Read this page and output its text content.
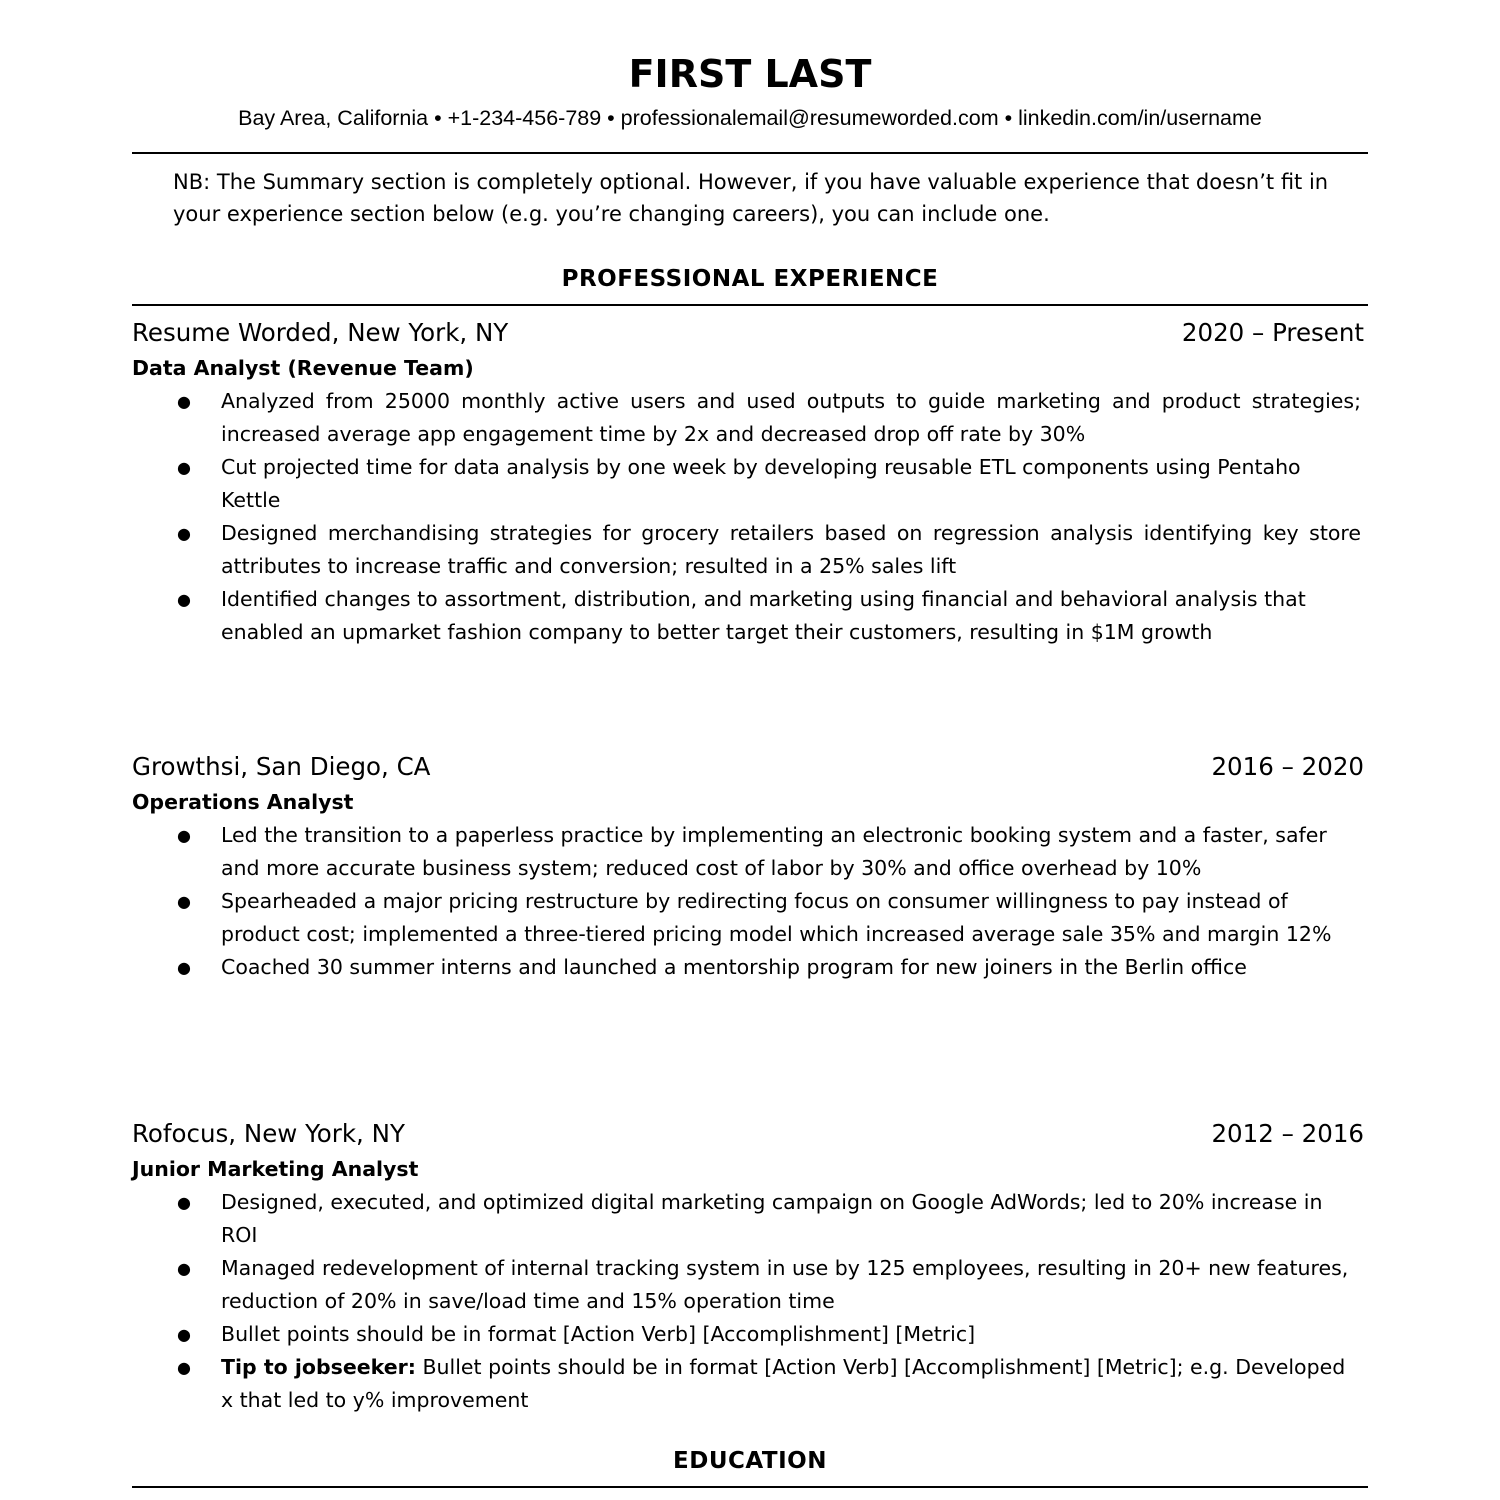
FIRST LAST
Bay Area, California • +1-234-456-789 • professionalemail@resumeworded.com • linkedin.com/in/username
NB: The Summary section is completely optional. However, if you have valuable experience that doesn’t fit in your experience section below (e.g. you’re changing careers), you can include one.
PROFESSIONAL EXPERIENCE
Resume Worded, New York, NY	2020 – Present
Data Analyst (Revenue Team)
● Analyzed from 25000 monthly active users and used outputs to guide marketing and product strategies; increased average app engagement time by 2x and decreased drop off rate by 30%
● Cut projected time for data analysis by one week by developing reusable ETL components using Pentaho Kettle
● Designed merchandising strategies for grocery retailers based on regression analysis identifying key store attributes to increase traffic and conversion; resulted in a 25% sales lift
● Identified changes to assortment, distribution, and marketing using financial and behavioral analysis that enabled an upmarket fashion company to better target their customers, resulting in $1M growth
Growthsi, San Diego, CA	2016 – 2020
Operations Analyst
● Led the transition to a paperless practice by implementing an electronic booking system and a faster, safer and more accurate business system; reduced cost of labor by 30% and office overhead by 10%
● Spearheaded a major pricing restructure by redirecting focus on consumer willingness to pay instead of product cost; implemented a three-tiered pricing model which increased average sale 35% and margin 12%
● Coached 30 summer interns and launched a mentorship program for new joiners in the Berlin office
Rofocus, New York, NY	2012 – 2016
Junior Marketing Analyst
● Designed, executed, and optimized digital marketing campaign on Google AdWords; led to 20% increase in ROI
● Managed redevelopment of internal tracking system in use by 125 employees, resulting in 20+ new features, reduction of 20% in save/load time and 15% operation time
● Bullet points should be in format [Action Verb] [Accomplishment] [Metric]
● Tip to jobseeker: Bullet points should be in format [Action Verb] [Accomplishment] [Metric]; e.g. Developed x that led to y% improvement
EDUCATION
